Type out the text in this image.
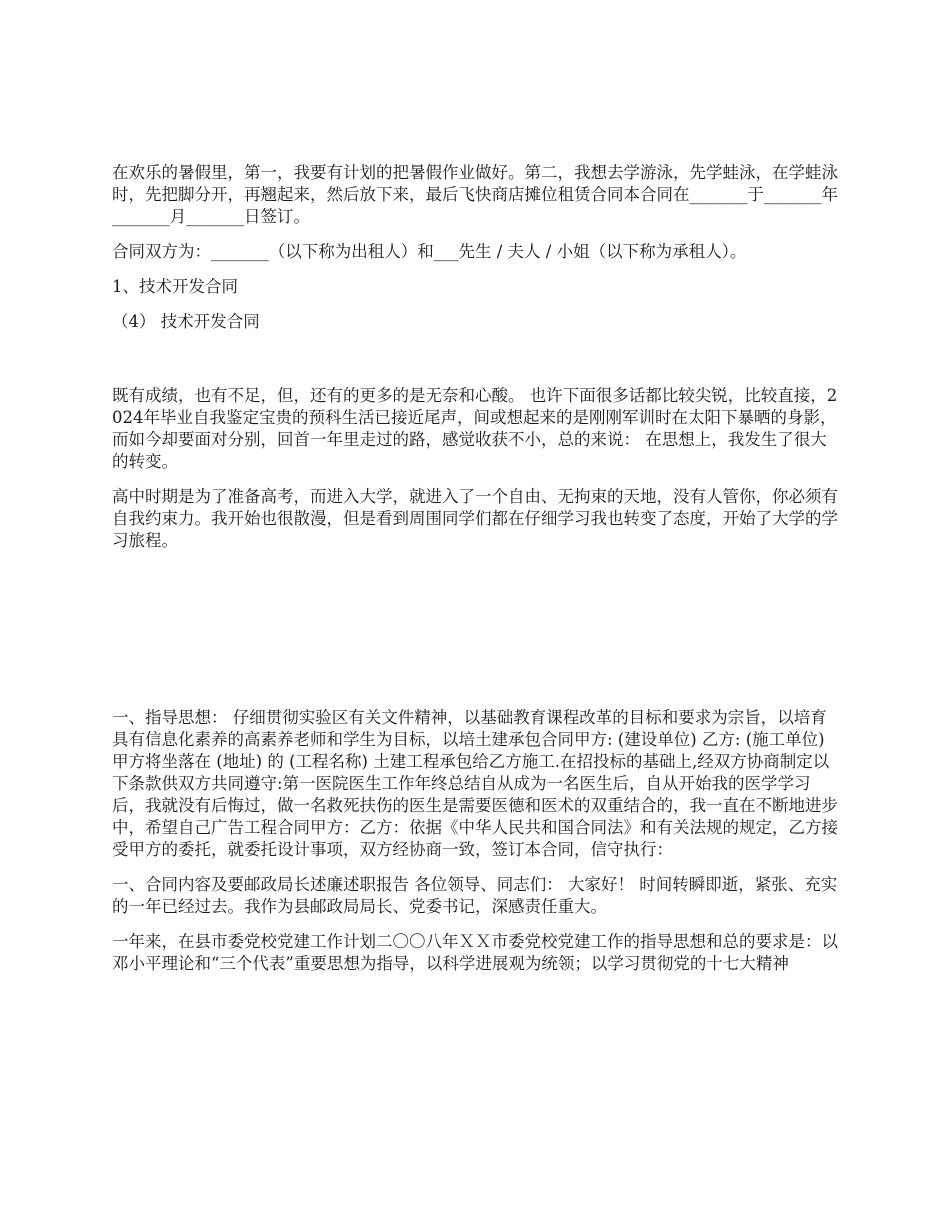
在欢乐的暑假里，第一，我要有计划的把暑假作业做好。第二，我想去学游泳，先学蛙泳，在学蛙泳时，先把脚分开，再翘起来，然后放下来，最后飞快商店摊位租赁合同本合同在_______于_______年_______月_______日签订。

合同双方为：_______（以下称为出租人）和___先生 / 夫人 / 小姐（以下称为承租人）。

1、技术开发合同

（4） 技术开发合同

既有成绩，也有不足，但，还有的更多的是无奈和心酸。 也许下面很多话都比较尖锐，比较直接，2024年毕业自我鉴定宝贵的预科生活已接近尾声，间或想起来的是刚刚军训时在太阳下暴晒的身影，而如今却要面对分别，回首一年里走过的路，感觉收获不小，总的来说： 在思想上，我发生了很大的转变。

高中时期是为了准备高考，而进入大学，就进入了一个自由、无拘束的天地，没有人管你，你必须有自我约束力。我开始也很散漫，但是看到周围同学们都在仔细学习我也转变了态度，开始了大学的学习旅程。

一、指导思想： 仔细贯彻实验区有关文件精神，以基础教育课程改革的目标和要求为宗旨，以培育具有信息化素养的高素养老师和学生为目标，以培土建承包合同甲方: (建设单位) 乙方: (施工单位) 甲方将坐落在 (地址) 的 (工程名称) 土建工程承包给乙方施工.在招投标的基础上,经双方协商制定以下条款供双方共同遵守:第一医院医生工作年终总结自从成为一名医生后，自从开始我的医学学习后，我就没有后悔过，做一名救死扶伤的医生是需要医德和医术的双重结合的，我一直在不断地进步中，希望自己广告工程合同甲方：乙方：依据《中华人民共和国合同法》和有关法规的规定，乙方接受甲方的委托，就委托设计事项，双方经协商一致，签订本合同，信守执行：

一、合同内容及要邮政局长述廉述职报告 各位领导、同志们： 大家好！ 时间转瞬即逝，紧张、充实的一年已经过去。我作为县邮政局局长、党委书记，深感责任重大。

一年来，在县市委党校党建工作计划二〇〇八年ＸＸ市委党校党建工作的指导思想和总的要求是：以邓小平理论和“三个代表”重要思想为指导，以科学进展观为统领；以学习贯彻党的十七大精神
